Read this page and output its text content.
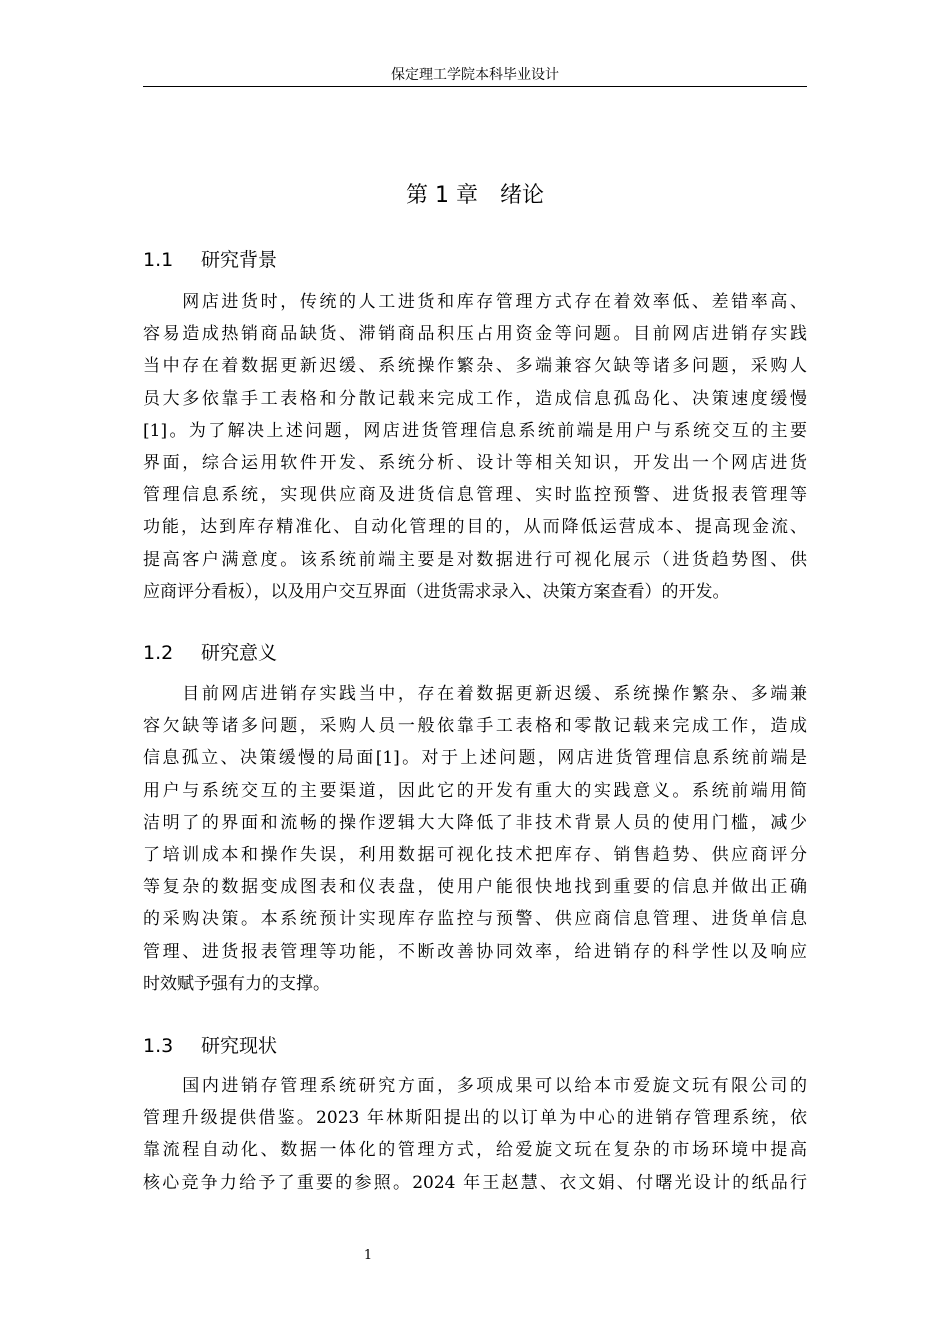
保定理工学院本科毕业设计
第 1 章　绪论
1.1 研究背景
　　网店进货时，传统的人工进货和库存管理方式存在着效率低、差错率高、
容易造成热销商品缺货、滞销商品积压占用资金等问题。目前网店进销存实践
当中存在着数据更新迟缓、系统操作繁杂、多端兼容欠缺等诸多问题，采购人
员大多依靠手工表格和分散记载来完成工作，造成信息孤岛化、决策速度缓慢
[1]。为了解决上述问题，网店进货管理信息系统前端是用户与系统交互的主要
界面，综合运用软件开发、系统分析、设计等相关知识，开发出一个网店进货
管理信息系统，实现供应商及进货信息管理、实时监控预警、进货报表管理等
功能，达到库存精准化、自动化管理的目的，从而降低运营成本、提高现金流、
提高客户满意度。该系统前端主要是对数据进行可视化展示（进货趋势图、供
应商评分看板），以及用户交互界面（进货需求录入、决策方案查看）的开发。
1.2 研究意义
　　目前网店进销存实践当中，存在着数据更新迟缓、系统操作繁杂、多端兼
容欠缺等诸多问题，采购人员一般依靠手工表格和零散记载来完成工作，造成
信息孤立、决策缓慢的局面[1]。对于上述问题，网店进货管理信息系统前端是
用户与系统交互的主要渠道，因此它的开发有重大的实践意义。系统前端用简
洁明了的界面和流畅的操作逻辑大大降低了非技术背景人员的使用门槛，减少
了培训成本和操作失误，利用数据可视化技术把库存、销售趋势、供应商评分
等复杂的数据变成图表和仪表盘，使用户能很快地找到重要的信息并做出正确
的采购决策。本系统预计实现库存监控与预警、供应商信息管理、进货单信息
管理、进货报表管理等功能，不断改善协同效率，给进销存的科学性以及响应
时效赋予强有力的支撑。
1.3 研究现状
　　国内进销存管理系统研究方面，多项成果可以给本市爱旋文玩有限公司的
管理升级提供借鉴。2023 年林斯阳提出的以订单为中心的进销存管理系统，依
靠流程自动化、数据一体化的管理方式，给爱旋文玩在复杂的市场环境中提高
核心竞争力给予了重要的参照。2024 年王赵慧、衣文娟、付曙光设计的纸品行
1
